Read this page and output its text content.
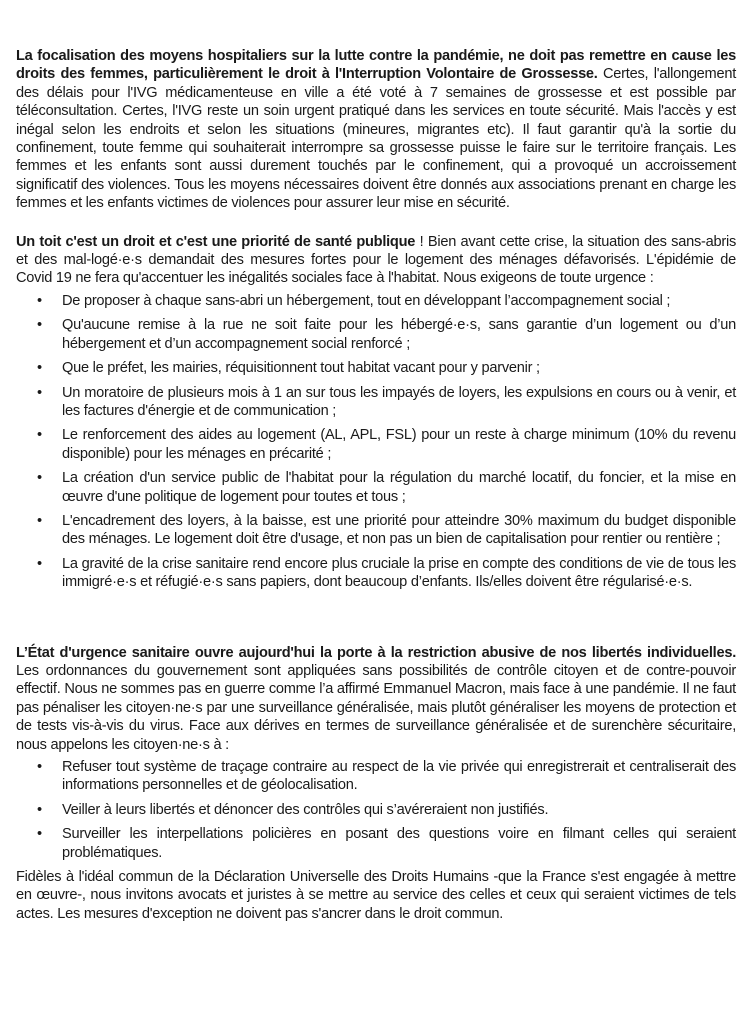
La focalisation des moyens hospitaliers sur la lutte contre la pandémie, ne doit pas remettre en cause les droits des femmes, particulièrement le droit à l'Interruption Volontaire de Grossesse. Certes, l'allongement des délais pour l'IVG médicamenteuse en ville a été voté à 7 semaines de grossesse et est possible par téléconsultation. Certes, l'IVG reste un soin urgent pratiqué dans les services en toute sécurité. Mais l'accès y est inégal selon les endroits et selon les situations (mineures, migrantes etc). Il faut garantir qu'à la sortie du confinement, toute femme qui souhaiterait interrompre sa grossesse puisse le faire sur le territoire français. Les femmes et les enfants sont aussi durement touchés par le confinement, qui a provoqué un accroissement significatif des violences. Tous les moyens nécessaires doivent être donnés aux associations prenant en charge les femmes et les enfants victimes de violences pour assurer leur mise en sécurité.

Un toit c'est un droit et c'est une priorité de santé publique ! Bien avant cette crise, la situation des sans-abris et des mal-logé·e·s demandait des mesures fortes pour le logement des ménages défavorisés. L'épidémie de Covid 19 ne fera qu'accentuer les inégalités sociales face à l'habitat. Nous exigeons de toute urgence :

• De proposer à chaque sans-abri un hébergement, tout en développant l’accompagnement social ;
• Qu'aucune remise à la rue ne soit faite pour les hébergé·e·s, sans garantie d’un logement ou d’un hébergement et d’un accompagnement social renforcé ;
• Que le préfet, les mairies, réquisitionnent tout habitat vacant pour y parvenir ;
• Un moratoire de plusieurs mois à 1 an sur tous les impayés de loyers, les expulsions en cours ou à venir, et les factures d'énergie et de communication ;
• Le renforcement des aides au logement (AL, APL, FSL) pour un reste à charge minimum (10% du revenu disponible) pour les ménages en précarité ;
• La création d'un service public de l'habitat pour la régulation du marché locatif, du foncier, et la mise en œuvre d'une politique de logement pour toutes et tous ;
• L'encadrement des loyers, à la baisse, est une priorité pour atteindre 30% maximum du budget disponible des ménages. Le logement doit être d'usage, et non pas un bien de capitalisation pour rentier ou rentière ;
• La gravité de la crise sanitaire rend encore plus cruciale la prise en compte des conditions de vie de tous les immigré·e·s et réfugié·e·s sans papiers, dont beaucoup d’enfants. Ils/elles doivent être régularisé·e·s.

L’État d'urgence sanitaire ouvre aujourd'hui la porte à la restriction abusive de nos libertés individuelles. Les ordonnances du gouvernement sont appliquées sans possibilités de contrôle citoyen et de contre-pouvoir effectif. Nous ne sommes pas en guerre comme l’a affirmé Emmanuel Macron, mais face à une pandémie. Il ne faut pas pénaliser les citoyen·ne·s par une surveillance généralisée, mais plutôt généraliser les moyens de protection et de tests vis-à-vis du virus. Face aux dérives en termes de surveillance généralisée et de surenchère sécuritaire, nous appelons les citoyen·ne·s à :

• Refuser tout système de traçage contraire au respect de la vie privée qui enregistrerait et centraliserait des informations personnelles et de géolocalisation.
• Veiller à leurs libertés et dénoncer des contrôles qui s’avéreraient non justifiés.
• Surveiller les interpellations policières en posant des questions voire en filmant celles qui seraient problématiques.

Fidèles à l'idéal commun de la Déclaration Universelle des Droits Humains -que la France s'est engagée à mettre en œuvre-, nous invitons avocats et juristes à se mettre au service des celles et ceux qui seraient victimes de tels actes. Les mesures d'exception ne doivent pas s'ancrer dans le droit commun.
